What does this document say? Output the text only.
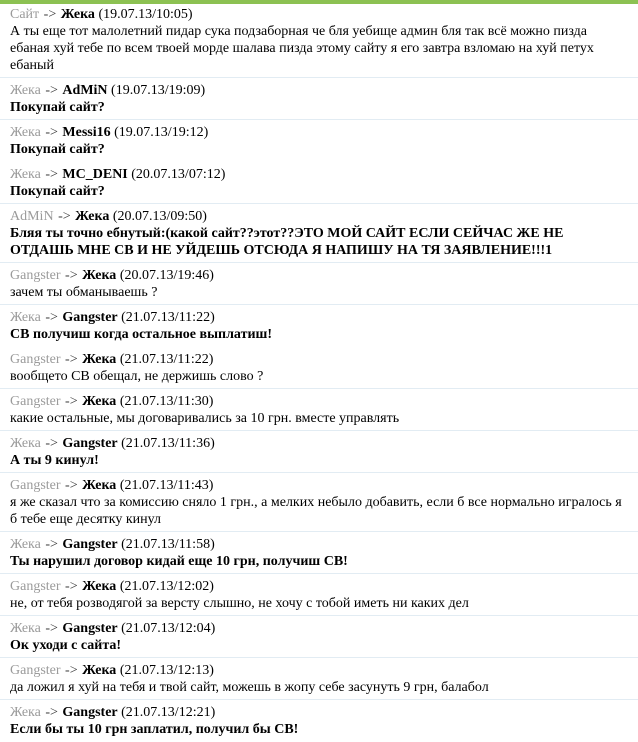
Сайт -> Жека (19.07.13/10:05)
А ты еще тот малолетний пидар сука подзаборная че бля уебище админ бля так всё можно пизда ебаная хуй тебе по всем твоей морде шалава пизда этому сайту я его завтра взломаю на хуй петух ебаный
Жека -> AdMiN (19.07.13/19:09)
Покупай сайт?
Жека -> Messi16 (19.07.13/19:12)
Покупай сайт?
Жека -> MC_DENI (20.07.13/07:12)
Покупай сайт?
AdMiN -> Жека (20.07.13/09:50)
Бляя ты точно ебнутый:(какой сайт??этот??ЭТО МОЙ САЙТ ЕСЛИ СЕЙЧАС ЖЕ НЕ ОТДАШЬ МНЕ СВ И НЕ УЙДЕШЬ ОТСЮДА Я НАПИШУ НА ТЯ ЗАЯВЛЕНИЕ!!!1
Gangster -> Жека (20.07.13/19:46)
зачем ты обманываешь ?
Жека -> Gangster (21.07.13/11:22)
СВ получиш когда остальное выплатиш!
Gangster -> Жека (21.07.13/11:22)
вообщето СВ обещал, не держишь слово ?
Gangster -> Жека (21.07.13/11:30)
какие остальные, мы договаривались за 10 грн. вместе управлять
Жека -> Gangster (21.07.13/11:36)
А ты 9 кинул!
Gangster -> Жека (21.07.13/11:43)
я же сказал что за комиссию сняло 1 грн., а мелких небыло добавить, если б все нормально игралось я б тебе еще десятку кинул
Жека -> Gangster (21.07.13/11:58)
Ты нарушил договор кидай еще 10 грн, получиш СВ!
Gangster -> Жека (21.07.13/12:02)
не, от тебя розводягой за версту слышно, не хочу с тобой иметь ни каких дел
Жека -> Gangster (21.07.13/12:04)
Ок уходи с сайта!
Gangster -> Жека (21.07.13/12:13)
да ложил я хуй на тебя и твой сайт, можешь в жопу себе засунуть 9 грн, балабол
Жека -> Gangster (21.07.13/12:21)
Если бы ты 10 грн заплатил, получил бы СВ!
